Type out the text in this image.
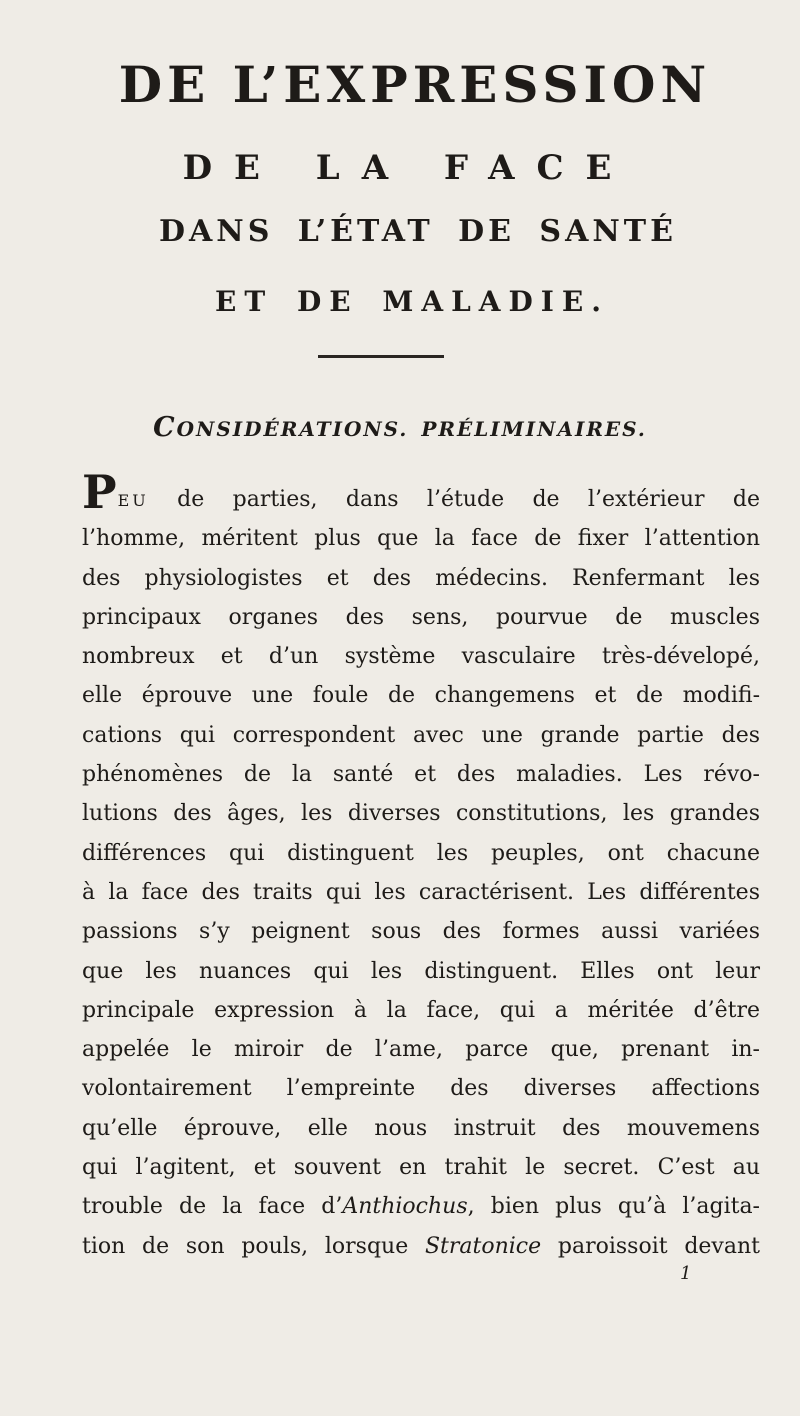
DE L’EXPRESSION
DE LA FACE
DANS L’ÉTAT DE SANTÉ
ET DE MALADIE.
CONSIDÉRATIONS. PRÉLIMINAIRES.
PEU de parties, dans l’étude de l’extérieur de
l’homme, méritent plus que la face de fixer l’attention
des physiologistes et des médecins. Renfermant les
principaux organes des sens, pourvue de muscles
nombreux et d’un système vasculaire très-dévelopé,
elle éprouve une foule de changemens et de modifi-
cations qui correspondent avec une grande partie des
phénomènes de la santé et des maladies. Les révo-
lutions des âges, les diverses constitutions, les grandes
différences qui distinguent les peuples, ont chacune
à la face des traits qui les caractérisent. Les différentes
passions s’y peignent sous des formes aussi variées
que les nuances qui les distinguent. Elles ont leur
principale expression à la face, qui a méritée d’être
appelée le miroir de l’ame, parce que, prenant in-
volontairement l’empreinte des diverses affections
qu’elle éprouve, elle nous instruit des mouvemens
qui l’agitent, et souvent en trahit le secret. C’est au
trouble de la face d’Anthiochus, bien plus qu’à l’agita-
tion de son pouls, lorsque Stratonice paroissoit devant
1
